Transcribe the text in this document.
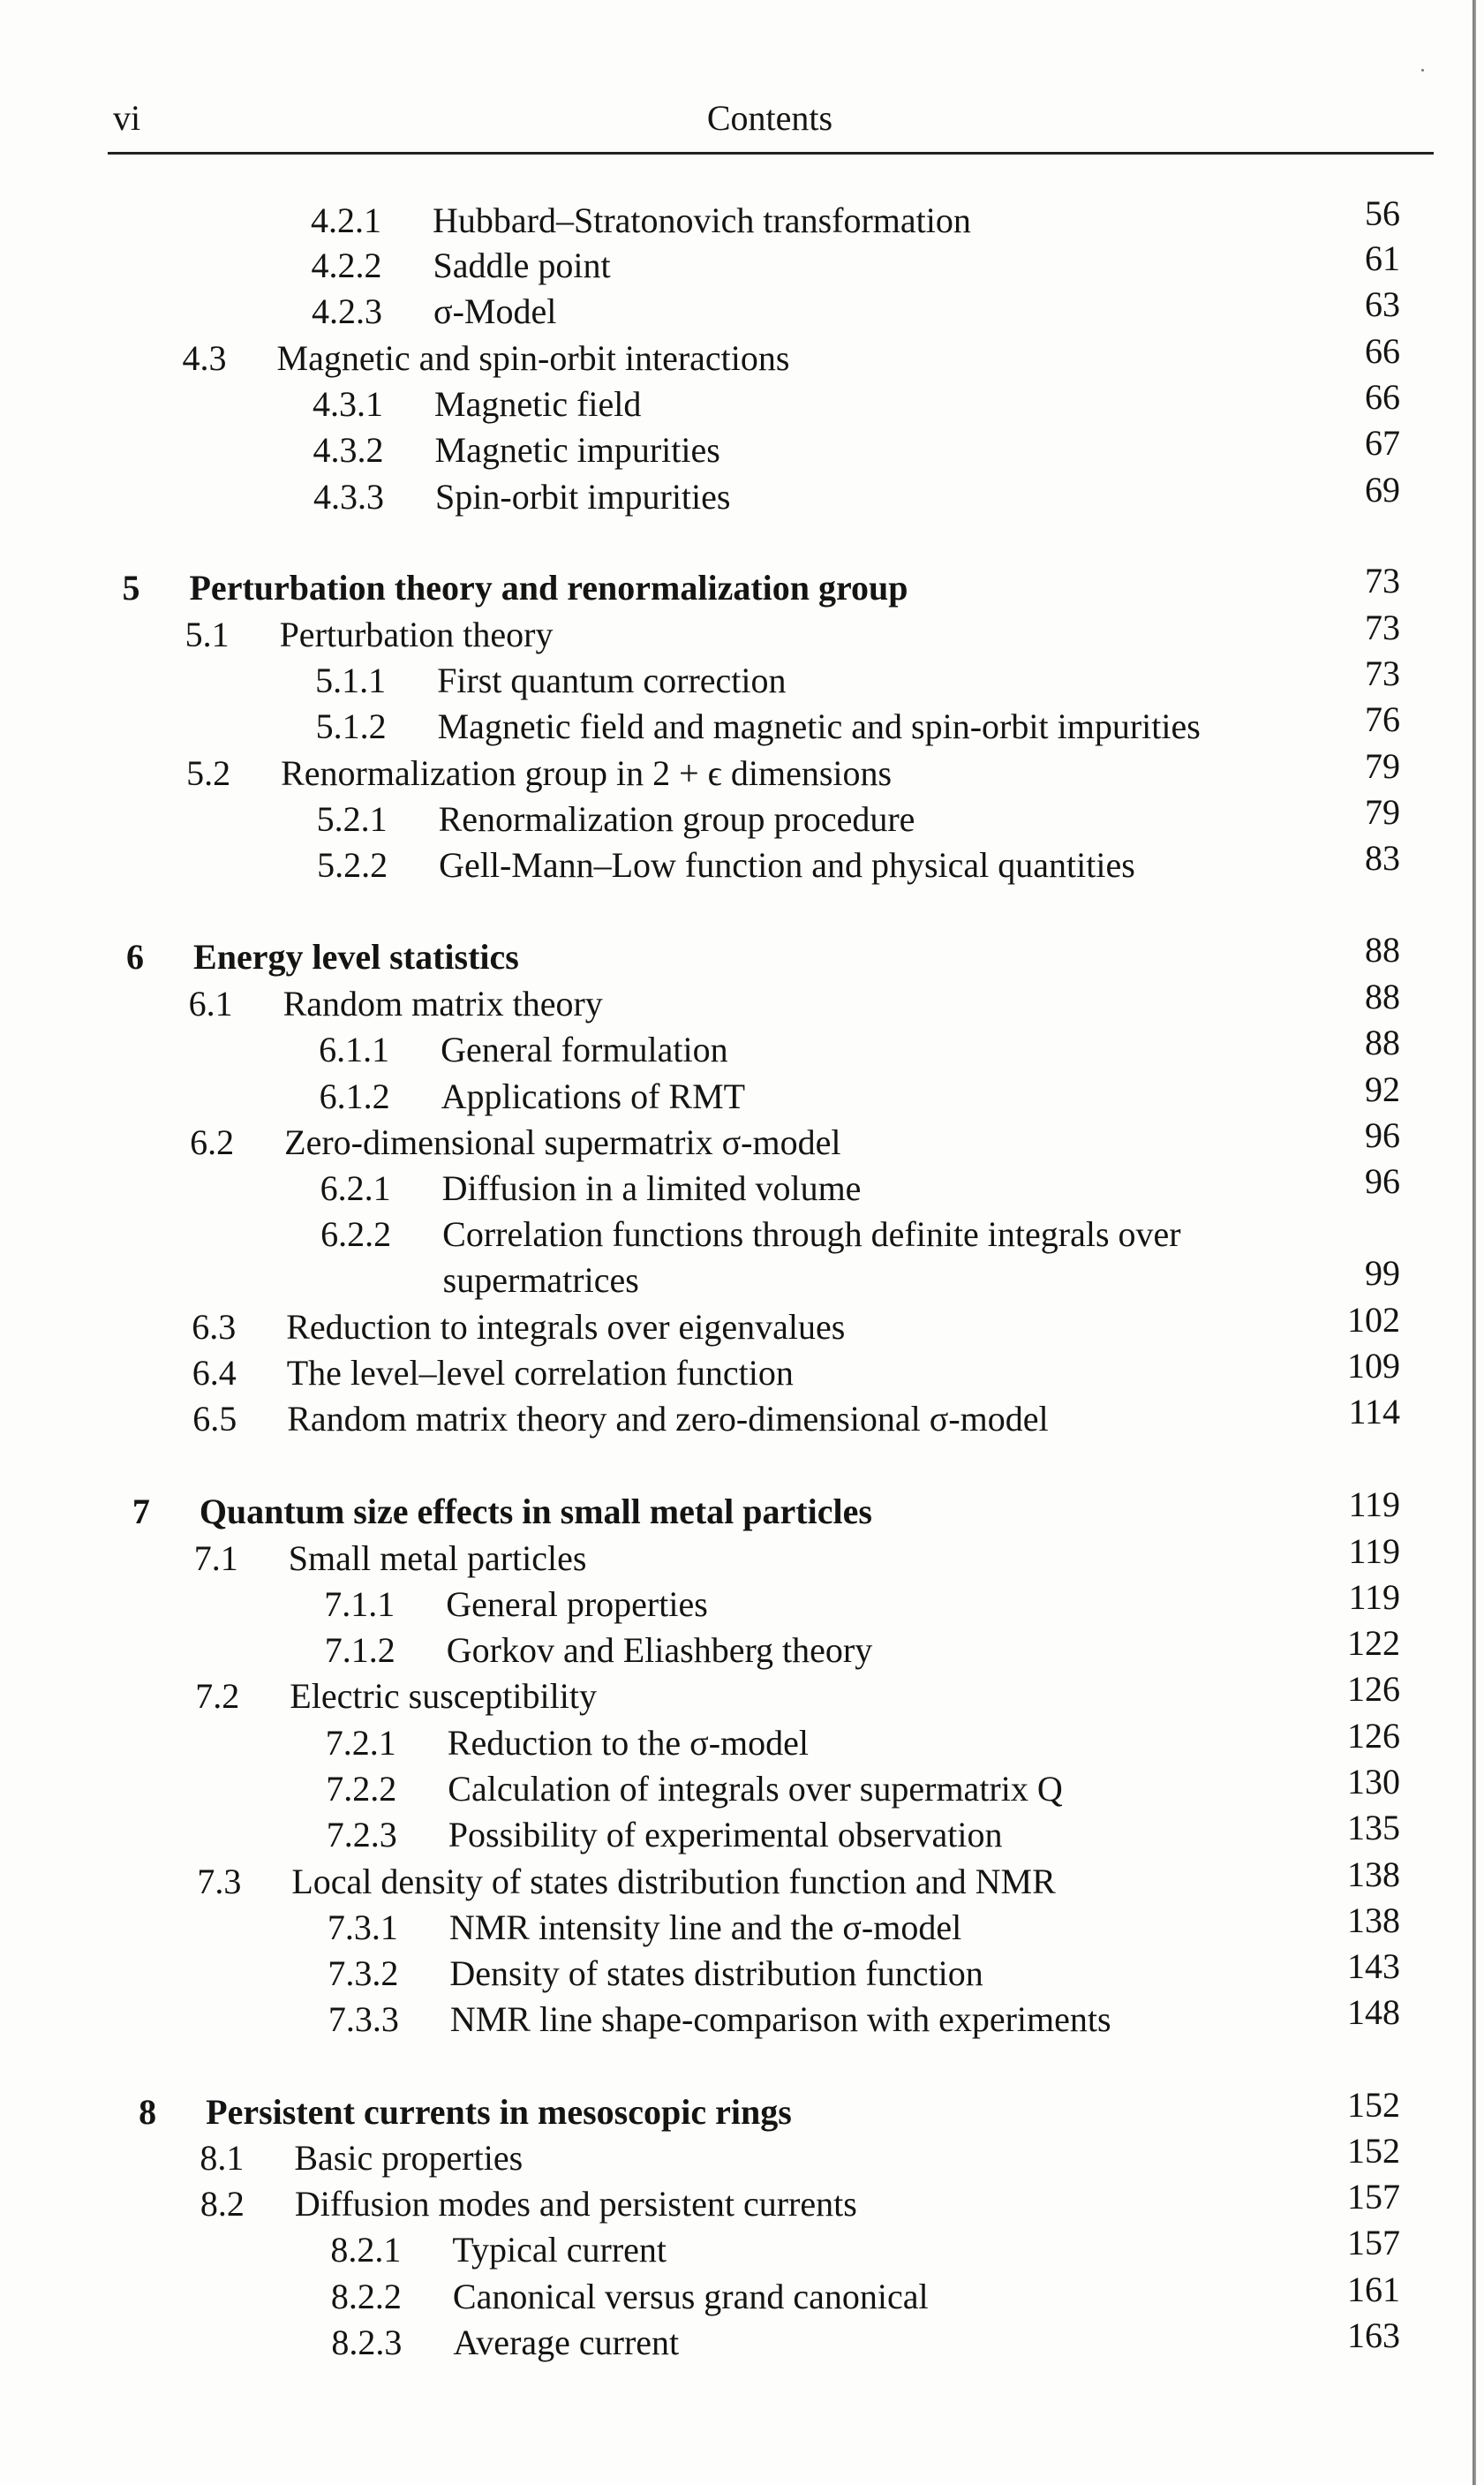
vi	Contents
4.2.1 Hubbard–Stratonovich transformation	56
4.2.2 Saddle point	61
4.2.3 σ-Model	63
4.3 Magnetic and spin-orbit interactions	66
4.3.1 Magnetic field	66
4.3.2 Magnetic impurities	67
4.3.3 Spin-orbit impurities	69
5 Perturbation theory and renormalization group	73
5.1 Perturbation theory	73
5.1.1 First quantum correction	73
5.1.2 Magnetic field and magnetic and spin-orbit impurities	76
5.2 Renormalization group in 2 + ϵ dimensions	79
5.2.1 Renormalization group procedure	79
5.2.2 Gell-Mann–Low function and physical quantities	83
6 Energy level statistics	88
6.1 Random matrix theory	88
6.1.1 General formulation	88
6.1.2 Applications of RMT	92
6.2 Zero-dimensional supermatrix σ-model	96
6.2.1 Diffusion in a limited volume	96
6.2.2 Correlation functions through definite integrals over
supermatrices	99
6.3 Reduction to integrals over eigenvalues	102
6.4 The level–level correlation function	109
6.5 Random matrix theory and zero-dimensional σ-model	114
7 Quantum size effects in small metal particles	119
7.1 Small metal particles	119
7.1.1 General properties	119
7.1.2 Gorkov and Eliashberg theory	122
7.2 Electric susceptibility	126
7.2.1 Reduction to the σ-model	126
7.2.2 Calculation of integrals over supermatrix Q	130
7.2.3 Possibility of experimental observation	135
7.3 Local density of states distribution function and NMR	138
7.3.1 NMR intensity line and the σ-model	138
7.3.2 Density of states distribution function	143
7.3.3 NMR line shape-comparison with experiments	148
8 Persistent currents in mesoscopic rings	152
8.1 Basic properties	152
8.2 Diffusion modes and persistent currents	157
8.2.1 Typical current	157
8.2.2 Canonical versus grand canonical	161
8.2.3 Average current	163
